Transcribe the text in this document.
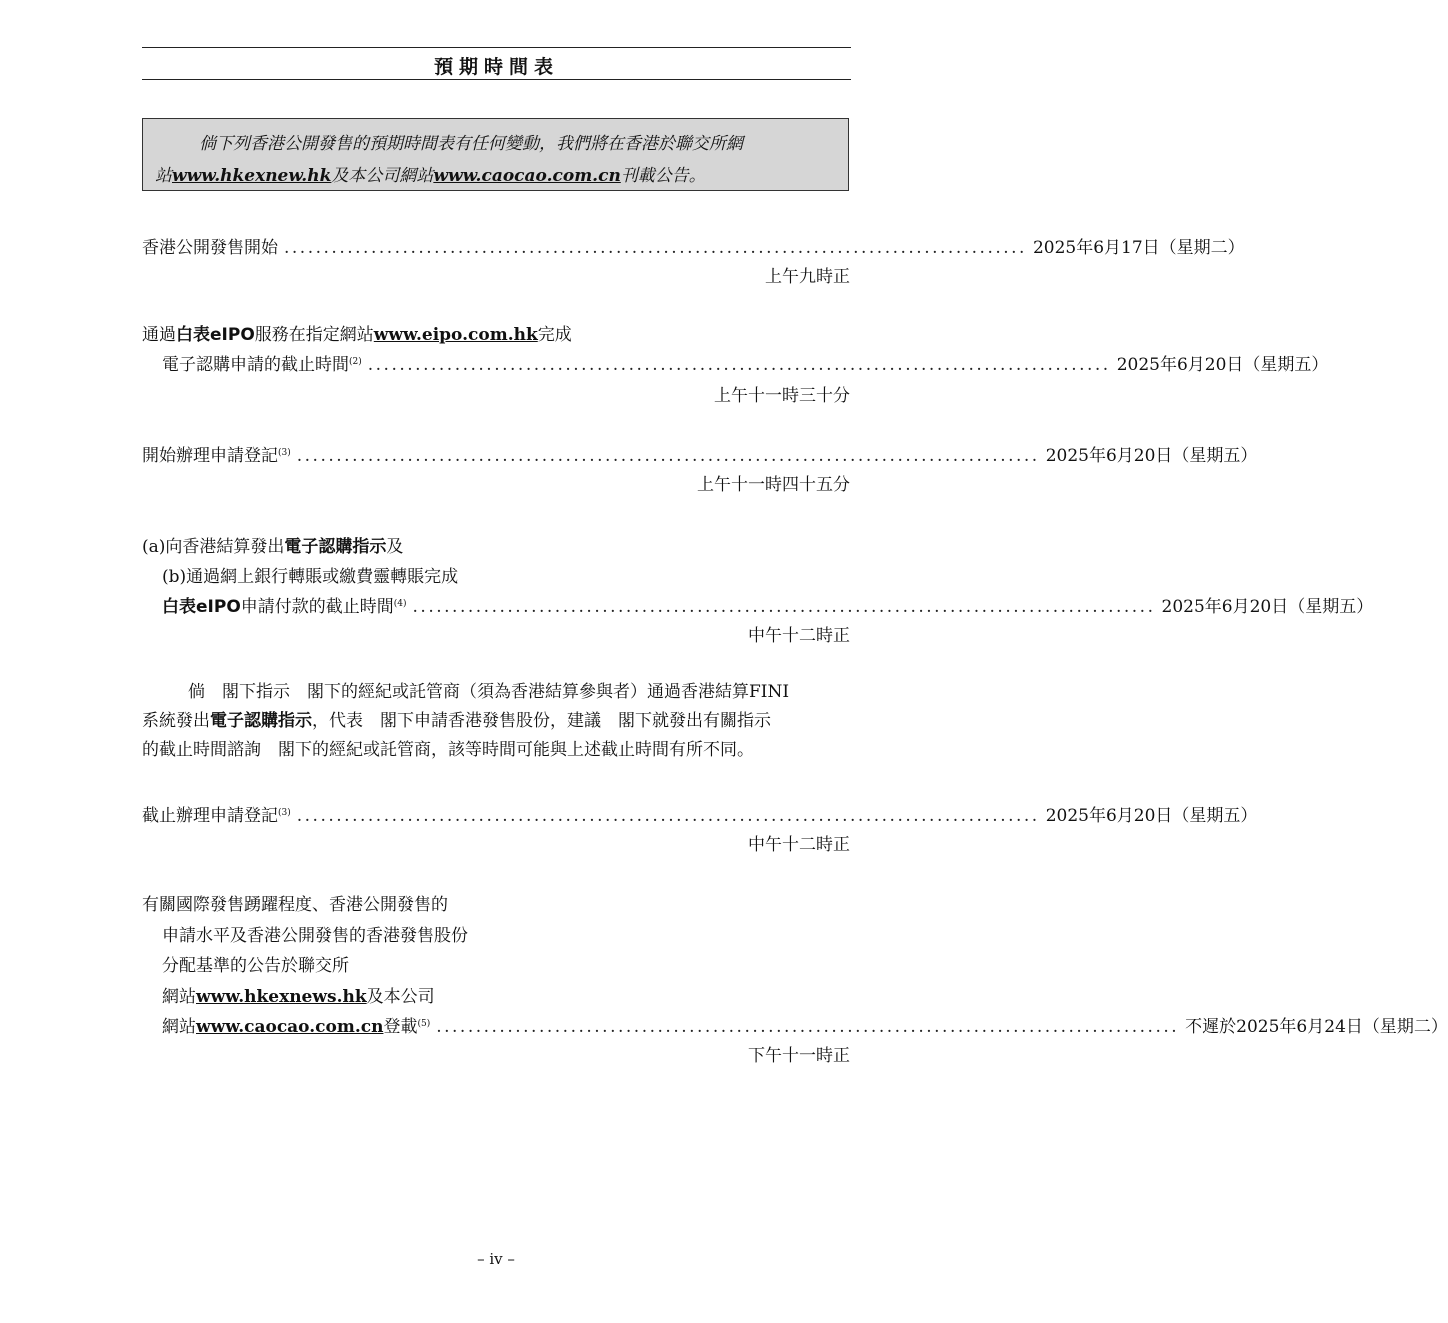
預期時間表
倘下列香港公開發售的預期時間表有任何變動，我們將在香港於聯交所網
站www.hkexnew.hk及本公司網站www.caocao.com.cn刊載公告。
香港公開發售開始 .............................................................................................. 2025年6月17日（星期二）
上午九時正
通過白表eIPO服務在指定網站www.eipo.com.hk完成
電子認購申請的截止時間$^{(2)}$ .............................................................................................. 2025年6月20日（星期五）
上午十一時三十分
開始辦理申請登記$^{(3)}$ .............................................................................................. 2025年6月20日（星期五）
上午十一時四十五分
(a)向香港結算發出電子認購指示及
(b)通過網上銀行轉賬或繳費靈轉賬完成
白表eIPO申請付款的截止時間$^{(4)}$ .............................................................................................. 2025年6月20日（星期五）
中午十二時正
倘　閣下指示　閣下的經紀或託管商（須為香港結算參與者）通過香港結算FINI
系統發出電子認購指示，代表　閣下申請香港發售股份，建議　閣下就發出有關指示
的截止時間諮詢　閣下的經紀或託管商，該等時間可能與上述截止時間有所不同。
截止辦理申請登記$^{(3)}$ .............................................................................................. 2025年6月20日（星期五）
中午十二時正
有關國際發售踴躍程度、香港公開發售的
申請水平及香港公開發售的香港發售股份
分配基準的公告於聯交所
網站www.hkexnews.hk及本公司
網站www.caocao.com.cn登載$^{(5)}$ .............................................................................................. 不遲於2025年6月24日（星期二）
下午十一時正
– iv –
